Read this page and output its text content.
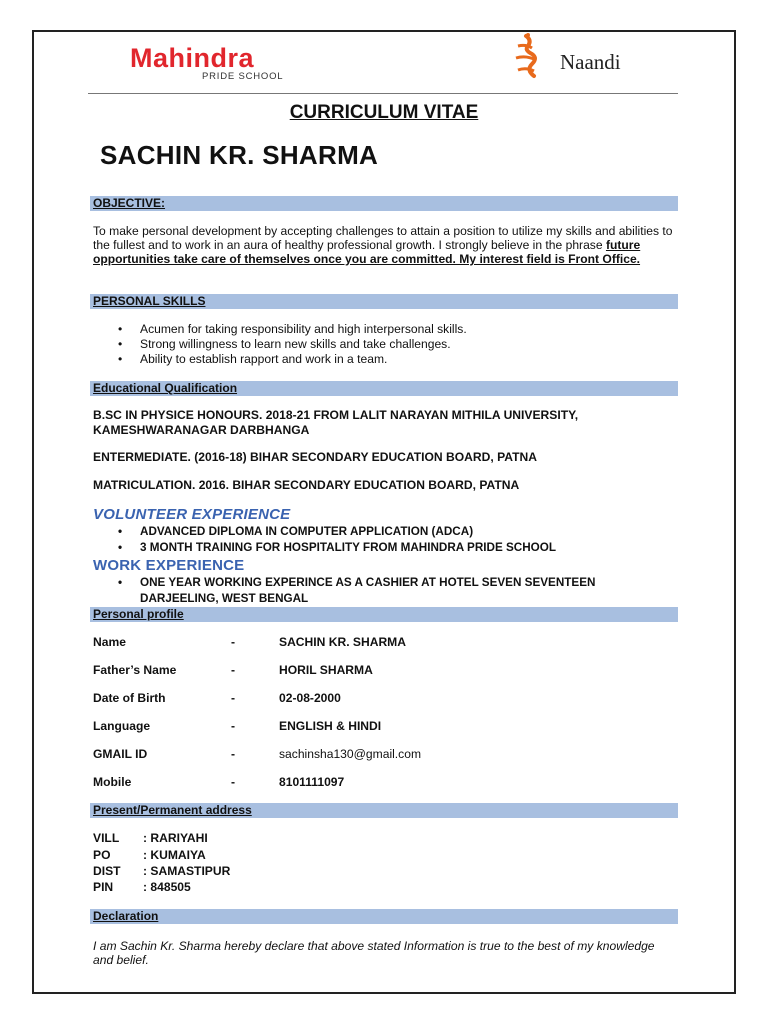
Mahindra
PRIDE SCHOOL
Naandi
CURRICULUM VITAE
SACHIN KR. SHARMA
OBJECTIVE:
To make personal development by accepting challenges to attain a position to utilize my skills and abilities to the fullest and to work in an aura of healthy professional growth. I strongly believe in the phrase future opportunities take care of themselves once you are committed. My interest field is Front Office.
PERSONAL SKILLS
• Acumen for taking responsibility and high interpersonal skills.
• Strong willingness to learn new skills and take challenges.
• Ability to establish rapport and work in a team.
Educational Qualification
B.SC IN PHYSICE HONOURS. 2018-21 FROM LALIT NARAYAN MITHILA UNIVERSITY, KAMESHWARANAGAR DARBHANGA
ENTERMEDIATE. (2016-18) BIHAR SECONDARY EDUCATION BOARD, PATNA
MATRICULATION. 2016. BIHAR SECONDARY EDUCATION BOARD, PATNA
VOLUNTEER EXPERIENCE
• ADVANCED DIPLOMA IN COMPUTER APPLICATION (ADCA)
• 3 MONTH TRAINING FOR HOSPITALITY FROM MAHINDRA PRIDE SCHOOL
WORK EXPERIENCE
• ONE YEAR WORKING EXPERINCE AS A CASHIER AT HOTEL SEVEN SEVENTEEN DARJEELING, WEST BENGAL
Personal profile
Name	-	SACHIN KR. SHARMA
Father’s Name	-	HORIL SHARMA
Date of Birth	-	02-08-2000
Language	-	ENGLISH & HINDI
GMAIL ID	-	sachinsha130@gmail.com
Mobile	-	8101111097
Present/Permanent address
VILL	: RARIYAHI
PO	: KUMAIYA
DIST	: SAMASTIPUR
PIN	: 848505
Declaration
I am Sachin Kr. Sharma hereby declare that above stated Information is true to the best of my knowledge and belief.
